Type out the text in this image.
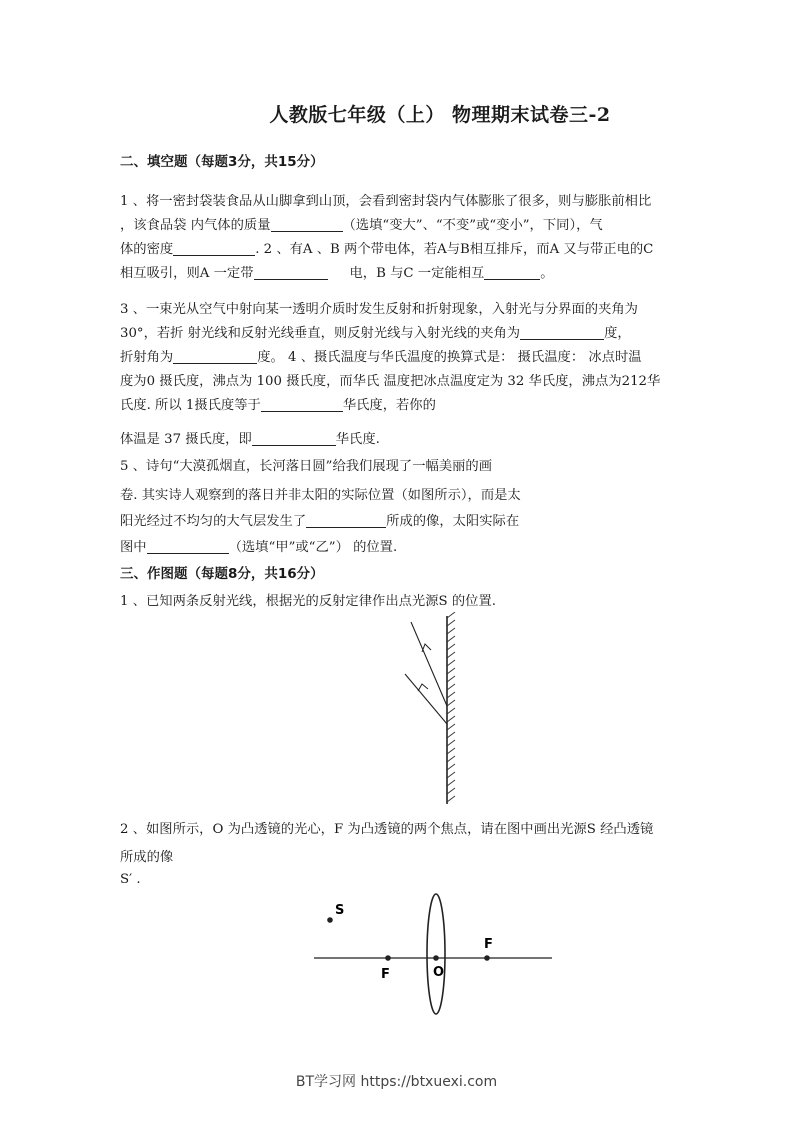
人教版七年级（上） 物理期末试卷三-2
二、填空题（每题3分，共15分）
1 、将一密封袋装食品从山脚拿到山顶，会看到密封袋内气体膨胀了很多，则与膨胀前相比
，该食品袋 内气体的质量	（选填“变大”、“不变”或“变小”，下同），气
体的密度	. 2 、有A 、B 两个带电体，若A与B相互排斥，而A 又与带正电的C
相互吸引，则A 一定带	电，B 与C 一定能相互	。
3 、一束光从空气中射向某一透明介质时发生反射和折射现象，入射光与分界面的夹角为
30°，若折 射光线和反射光线垂直，则反射光线与入射光线的夹角为	度，
折射角为	度。 4 、摄氏温度与华氏温度的换算式是： 摄氏温度： 冰点时温
度为0 摄氏度，沸点为 100 摄氏度，而华氏 温度把冰点温度定为 32 华氏度，沸点为212华
氏度. 所以 1摄氏度等于	华氏度，若你的
体温是 37 摄氏度，即	华氏度.
5 、诗句“大漠孤烟直，长河落日圆”给我们展现了一幅美丽的画
卷. 其实诗人观察到的落日并非太阳的实际位置（如图所示），而是太
阳光经过不均匀的大气层发生了	所成的像，太阳实际在
图中	（选填“甲”或“乙”） 的位置.
三、作图题（每题8分，共16分）
1 、已知两条反射光线，根据光的反射定律作出点光源S 的位置.
2 、如图所示，O 为凸透镜的光心，F 为凸透镜的两个焦点，请在图中画出光源S 经凸透镜
所成的像
S′ .
S
F	O
F
BT学习网 https://btxuexi.com
